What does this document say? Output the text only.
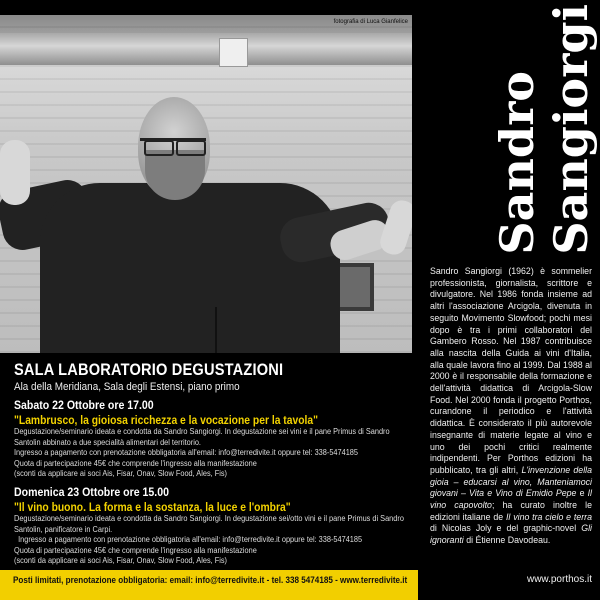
fotografia di Luca Gianfelice
Sandro Sangiorgi
SALA LABORATORIO DEGUSTAZIONI
Ala della Meridiana, Sala degli Estensi, piano primo
Sabato 22 Ottobre ore 17.00
"Lambrusco, la gioiosa ricchezza e la vocazione per la tavola"
Degustazione/seminario ideata e condotta da Sandro Sangiorgi. In degustazione sei vini e il pane Primus di Sandro Santolin abbinato a due specialità alimentari del territorio.
Ingresso a pagamento con prenotazione obbligatoria all'email: info@terredivite.it oppure tel: 338-5474185
Quota di partecipazione 45€ che comprende l'ingresso alla manifestazione
(sconti da applicare ai soci Ais, Fisar, Onav, Slow Food, Ales, Fis)
Domenica 23 Ottobre ore 15.00
"Il vino buono. La forma e la sostanza, la luce e l'ombra"
Degustazione/seminario ideata e condotta da Sandro Sangiorgi. In degustazione sei/otto vini e il pane Primus di Sandro Santolin, panificatore in Carpi.
Ingresso a pagamento con prenotazione obbligatoria all'email: info@terredivite.it oppure tel: 338-5474185
Quota di partecipazione 45€ che comprende l'ingresso alla manifestazione
(sconti da applicare ai soci Ais, Fisar, Onav, Slow Food, Ales, Fis)
Sandro Sangiorgi (1962) è sommelier professionista, giornalista, scrittore e divulgatore. Nel 1986 fonda insieme ad altri l'associazione Arcigola, divenuta in seguito Movimento Slowfood; pochi mesi dopo è tra i primi collaboratori del Gambero Rosso. Nel 1987 contribuisce alla nascita della Guida ai vini d'Italia, alla quale lavora fino al 1999. Dal 1988 al 2000 è il responsabile della formazione e dell'attività didattica di Arcigola-Slow Food. Nel 2000 fonda il progetto Porthos, curandone il periodico e l'attività didattica. È considerato il più autorevole insegnante di materie legate al vino e uno dei pochi critici realmente indipendenti. Per Porthos edizioni ha pubblicato, tra gli altri, L'invenzione della gioia – educarsi al vino, Manteniamoci giovani – Vita e Vino di Emidio Pepe e Il vino capovolto; ha curato inoltre le edizioni italiane de Il vino tra cielo e terra di Nicolas Joly e del graphic-novel Gli ignoranti di Étienne Davodeau.
www.porthos.it
Posti limitati, prenotazione obbligatoria: email: info@terredivite.it - tel. 338 5474185 - www.terredivite.it
